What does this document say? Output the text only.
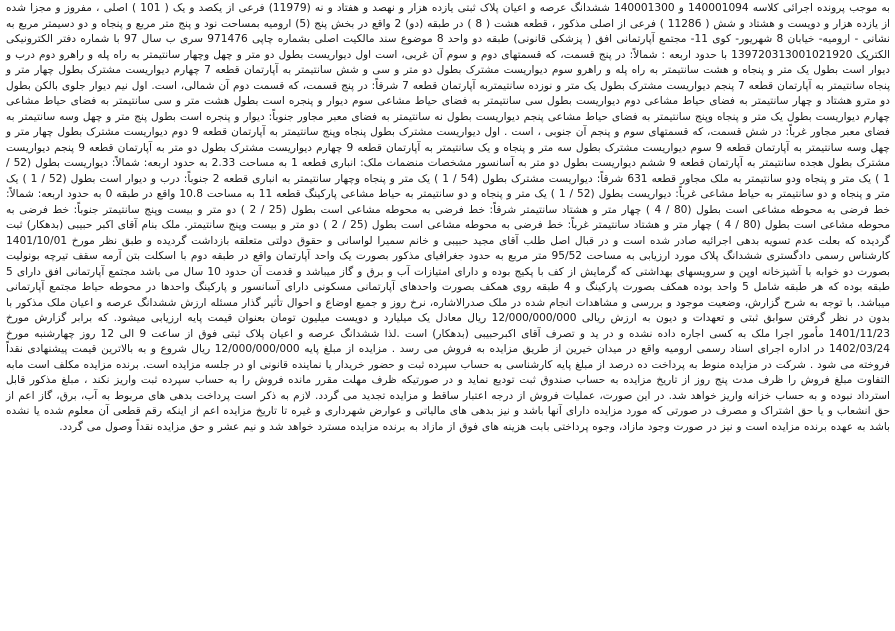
به موجب پرونده اجرائی کلاسه 140001094 و 140001300 ششدانگ عرصه و اعیان پلاک ثبتی یازده هزار و نهصد و هفتاد و نه (11979) فرعی از یکصد و یک ( 101 ) اصلی ، مفروز و مجزا شده از یازده هزار و دویست و هشتاد و شش ( 11286 ) فرعی از اصلی مذکور ، قطعه هشت ( 8 ) در طبقه (دو) 2 واقع در بخش پنج (5) ارومیه بمساحت نود و پنج متر مربع و پنجاه و دو دسیمتر مربع به نشانی - ارومیه- خیابان 8 شهریور- کوی 11- مجتمع آپارتمانی افق ( پزشکی قانونی) طبقه دو واحد 8 موضوع سند مالکیت اصلی بشماره چاپی 971476 سری ب سال 97 با شماره دفتر الکترونیکی الکتریک 139720313001021920 با حدود اربعه : شمالاً: در پنج قسمت، که قسمتهای دوم و سوم آن غربی، است اول دیواریست بطول دو متر و چهل وچهار سانتیمتر به راه پله و راهرو دوم درب و دیوار است بطول یک متر و پنجاه و هشت سانتیمتر به راه پله و راهرو سوم دیواریست مشترک بطول دو متر و سی و شش سانتیمتر به آپارتمان قطعه 7 چهارم دیواریست مشترک بطول چهار متر و پنجاه سانتیمتر به آپارتمان قطعه 7 پنجم دیواریست مشترک بطول یک متر و نوزده سانتیمتربه آپارتمان قطعه 7 شرقاً: در پنج قسمت، که قسمت دوم آن شمالی، است. اول نیم دیوار جلوی بالکن بطول دو مترو هشتاد و چهار سانتیمتر به فضای حیاط مشاعی دوم دیواریست بطول سی سانتیمتر به فضای حیاط مشاعی سوم دیوار و پنجره است بطول هشت متر و سی سانتیمتر به فضای حیاط مشاعی چهارم دیواریست بطول یک متر و پنجاه وپنج سانتیمتر به فضای حیاط مشاعی پنجم دیواریست بطول نه سانتیمتر به فضای معبر مجاور جنوباً: دیوار و پنجره است بطول پنج متر و چهل وسه سانتیمتر به فضای معبر مجاور غرباً: در شش قسمت، که قسمتهای سوم و پنجم آن جنوبی ، است . اول دیواریست مشترک بطول پنجاه وپنج سانتیمتر به آپارتمان قطعه 9 دوم دیواریست مشترک بطول چهار متر و چهل وسه سانتیمتر به آپارتمان قطعه 9 سوم دیواریست مشترک بطول سه متر و پنجاه و یک سانتیمتر به آپارتمان قطعه 9 چهارم دیواریست مشترک بطول دو متر به آپارتمان قطعه 9 پنجم دیواریست مشترک بطول هجده سانتیمتر به آپارتمان قطعه 9 ششم دیواریست بطول دو متر به آسانسور مشخصات منضمات ملک: انباری قطعه 1 به مساحت 2.33 به حدود اربعه: شمالاً: دیواریست بطول (52 / 1 ) یک متر و پنجاه ودو سانتیمتر به ملک مجاور قطعه 631 شرقاً: دیواریست مشترک بطول (54 / 1 ) یک متر و پنجاه وچهار سانتیمتر به انباری قطعه 2 جنوباً: درب و دیوار است بطول (52 / 1 ) یک متر و پنجاه و دو سانتیمتر به حیاط مشاعی غرباً: دیواریست بطول (52 / 1 ) یک متر و پنجاه و دو سانتیمتر به حیاط مشاعی پارکینگ قطعه 11 به مساحت 10.8 واقع در طبقه 0 به حدود اربعه: شمالاً: خط فرضی به محوطه مشاعی است بطول (80 / 4 ) چهار متر و هشتاد سانتیمتر شرقاً: خط فرضی به محوطه مشاعی است بطول (25 / 2 ) دو متر و بیست وپنج سانتیمتر جنوباً: خط فرضی به محوطه مشاعی است بطول (80 / 4 ) چهار متر و هشتاد سانتیمتر غرباً: خط فرضی به محوطه مشاعی است بطول (25 / 2 ) دو متر و بیست وپنج سانتیمتر. ملک بنام آقای اکبر حبیبی (بدهکار) ثبت گردیده که بعلت عدم تسویه بدهی اجرائیه صادر شده است و در قبال اصل طلب آقای مجید حبیبی و خانم سمیرا لواسانی و حقوق دولتی متعلقه بازداشت گردیده و طبق نظر مورخ 1401/10/01 کارشناس رسمی دادگستری ششدانگ پلاک مورد ارزیابی به مساحت 95/52 متر مربع به حدود جغرافیای مذکور بصورت یک واحد آپارتمان واقع در طبقه دوم با اسکلت بتن آرمه سقف تیرچه بونولیت بصورت دو خوابه با آشپزخانه اوپن و سرویسهای بهداشتی که گرمایش از کف با پکیج بوده و دارای امتیازات آب و برق و گاز میباشد و قدمت آن حدود 10 سال می باشد مجتمع آپارتمانی افق دارای 5 طبقه بوده که هر طبقه شامل 5 واحد بوده همکف بصورت پارکینگ و 4 طبقه روی همکف بصورت واحدهای آپارتمانی مسکونی دارای آسانسور و پارکینگ واحدها در محوطه حیاط مجتمع آپارتمانی میباشد. با توجه به شرح گزارش، وضعیت موجود و بررسی و مشاهدات انجام شده در ملک صدرالاشاره، نرخ روز و جمیع اوضاع و احوال تأثیر گذار مسئله ارزش ششدانگ عرصه و اعیان ملک مذکور با بدون در نظر گرفتن سوابق ثبتی و تعهدات و دیون به ارزش ریالی 12/000/000/000 ریال معادل یک میلیارد و دویست میلیون تومان بعنوان قیمت پایه ارزیابی میشود. که برابر گزارش مورخ 1401/11/23 مأمور اجرا ملک به کسی اجاره داده نشده و در ید و تصرف آقای اکبرحبیبی (بدهکار) است .لذا ششدانگ عرصه و اعیان پلاک ثبتی فوق از ساعت 9 الی 12 روز چهارشنبه مورخ 1402/03/24 در اداره اجرای اسناد رسمی ارومیه واقع در میدان خیرین از طریق مزایده به فروش می رسد . مزایده از مبلغ پایه 12/000/000/000 ریال شروع و به بالاترین قیمت پیشنهادی نقداً فروخته می شود . شرکت در مزایده منوط به پرداخت ده درصد از مبلغ پایه کارشناسی به حساب سپرده ثبت و حضور خریدار یا نماینده قانونی او در جلسه مزایده است. برنده مزایده مکلف است مابه التفاوت مبلغ فروش را ظرف مدت پنج روز از تاریخ مزایده به حساب صندوق ثبت تودیع نماید و در صورتیکه ظرف مهلت مقرر مانده فروش را به حساب سپرده ثبت واریز نکند ، مبلغ مذکور قابل استرداد نبوده و به حساب خزانه واریز خواهد شد. در این صورت، عملیات فروش از درجه اعتبار ساقط و مزایده تجدید می گردد. لازم به ذکر است پرداخت بدهی های مربوط به آب، برق، گاز اعم از حق انشعاب و یا حق اشتراک و مصرف در صورتی که مورد مزایده دارای آنها باشد و نیز بدهی های مالیاتی و عوارض شهرداری و غیره تا تاریخ مزایده اعم از اینکه رقم قطعی آن معلوم شده یا نشده باشد به عهده برنده مزایده است و نیز در صورت وجود مازاد، وجوه پرداختی بابت هزینه های فوق از مازاد به برنده مزایده مسترد خواهد شد و نیم عشر و حق مزایده نقداً وصول می گردد.
